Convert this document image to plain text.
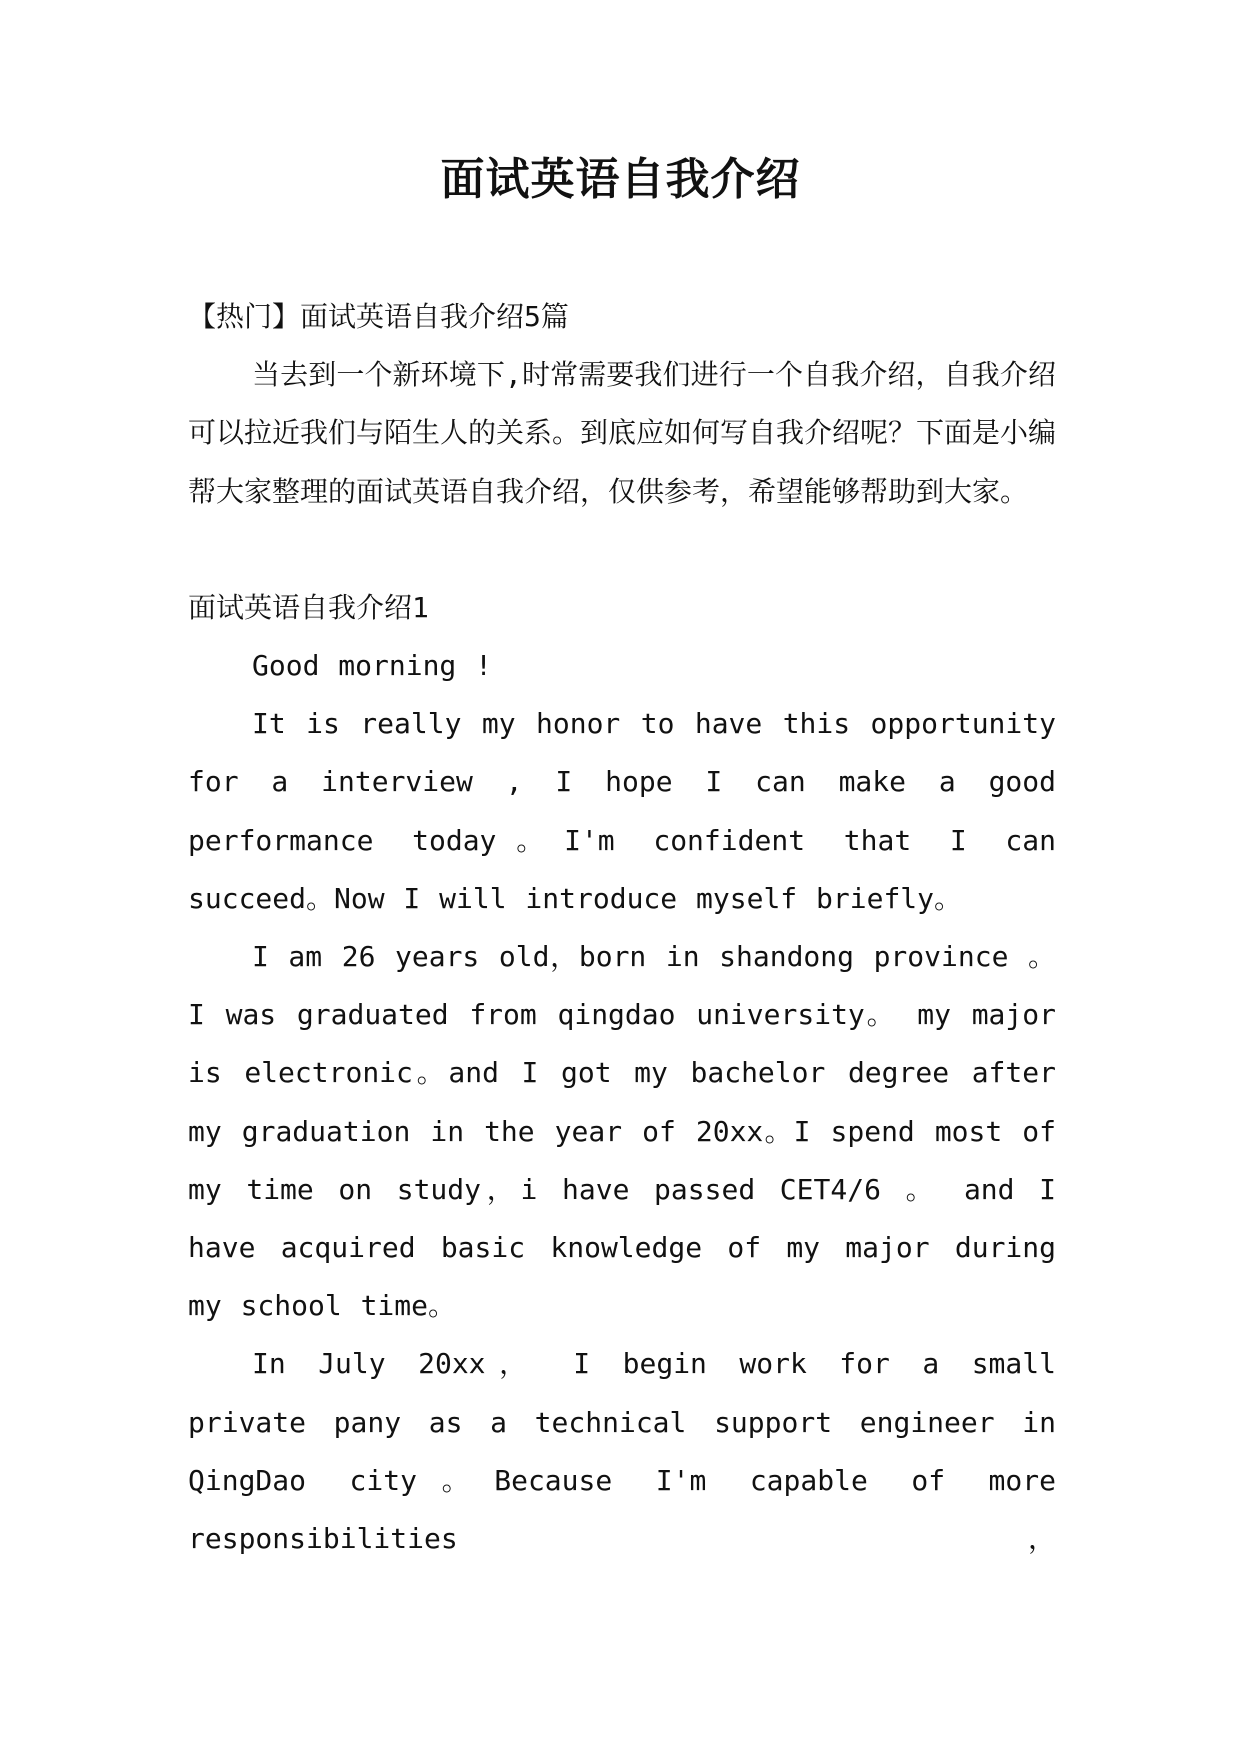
面试英语自我介绍

【热门】面试英语自我介绍5篇

当去到一个新环境下,时常需要我们进行一个自我介绍，自我介绍可以拉近我们与陌生人的关系。到底应如何写自我介绍呢？下面是小编帮大家整理的面试英语自我介绍，仅供参考，希望能够帮助到大家。

面试英语自我介绍1

Good morning !

It is really my honor to have this opportunity for a interview , I hope I can make a good performance today。I'm confident that I can succeed。Now I will introduce myself briefly。

I am 26 years old，born in shandong province 。I was graduated from qingdao university。 my major is electronic。and I got my bachelor degree after my graduation in the year of 20xx。I spend most of my time on study，i have passed CET4/6 。 and I have acquired basic knowledge of my major during my school time。

In July 20xx， I begin work for a small private pany as a technical support engineer in QingDao city。Because I'm capable of more responsibilities，
